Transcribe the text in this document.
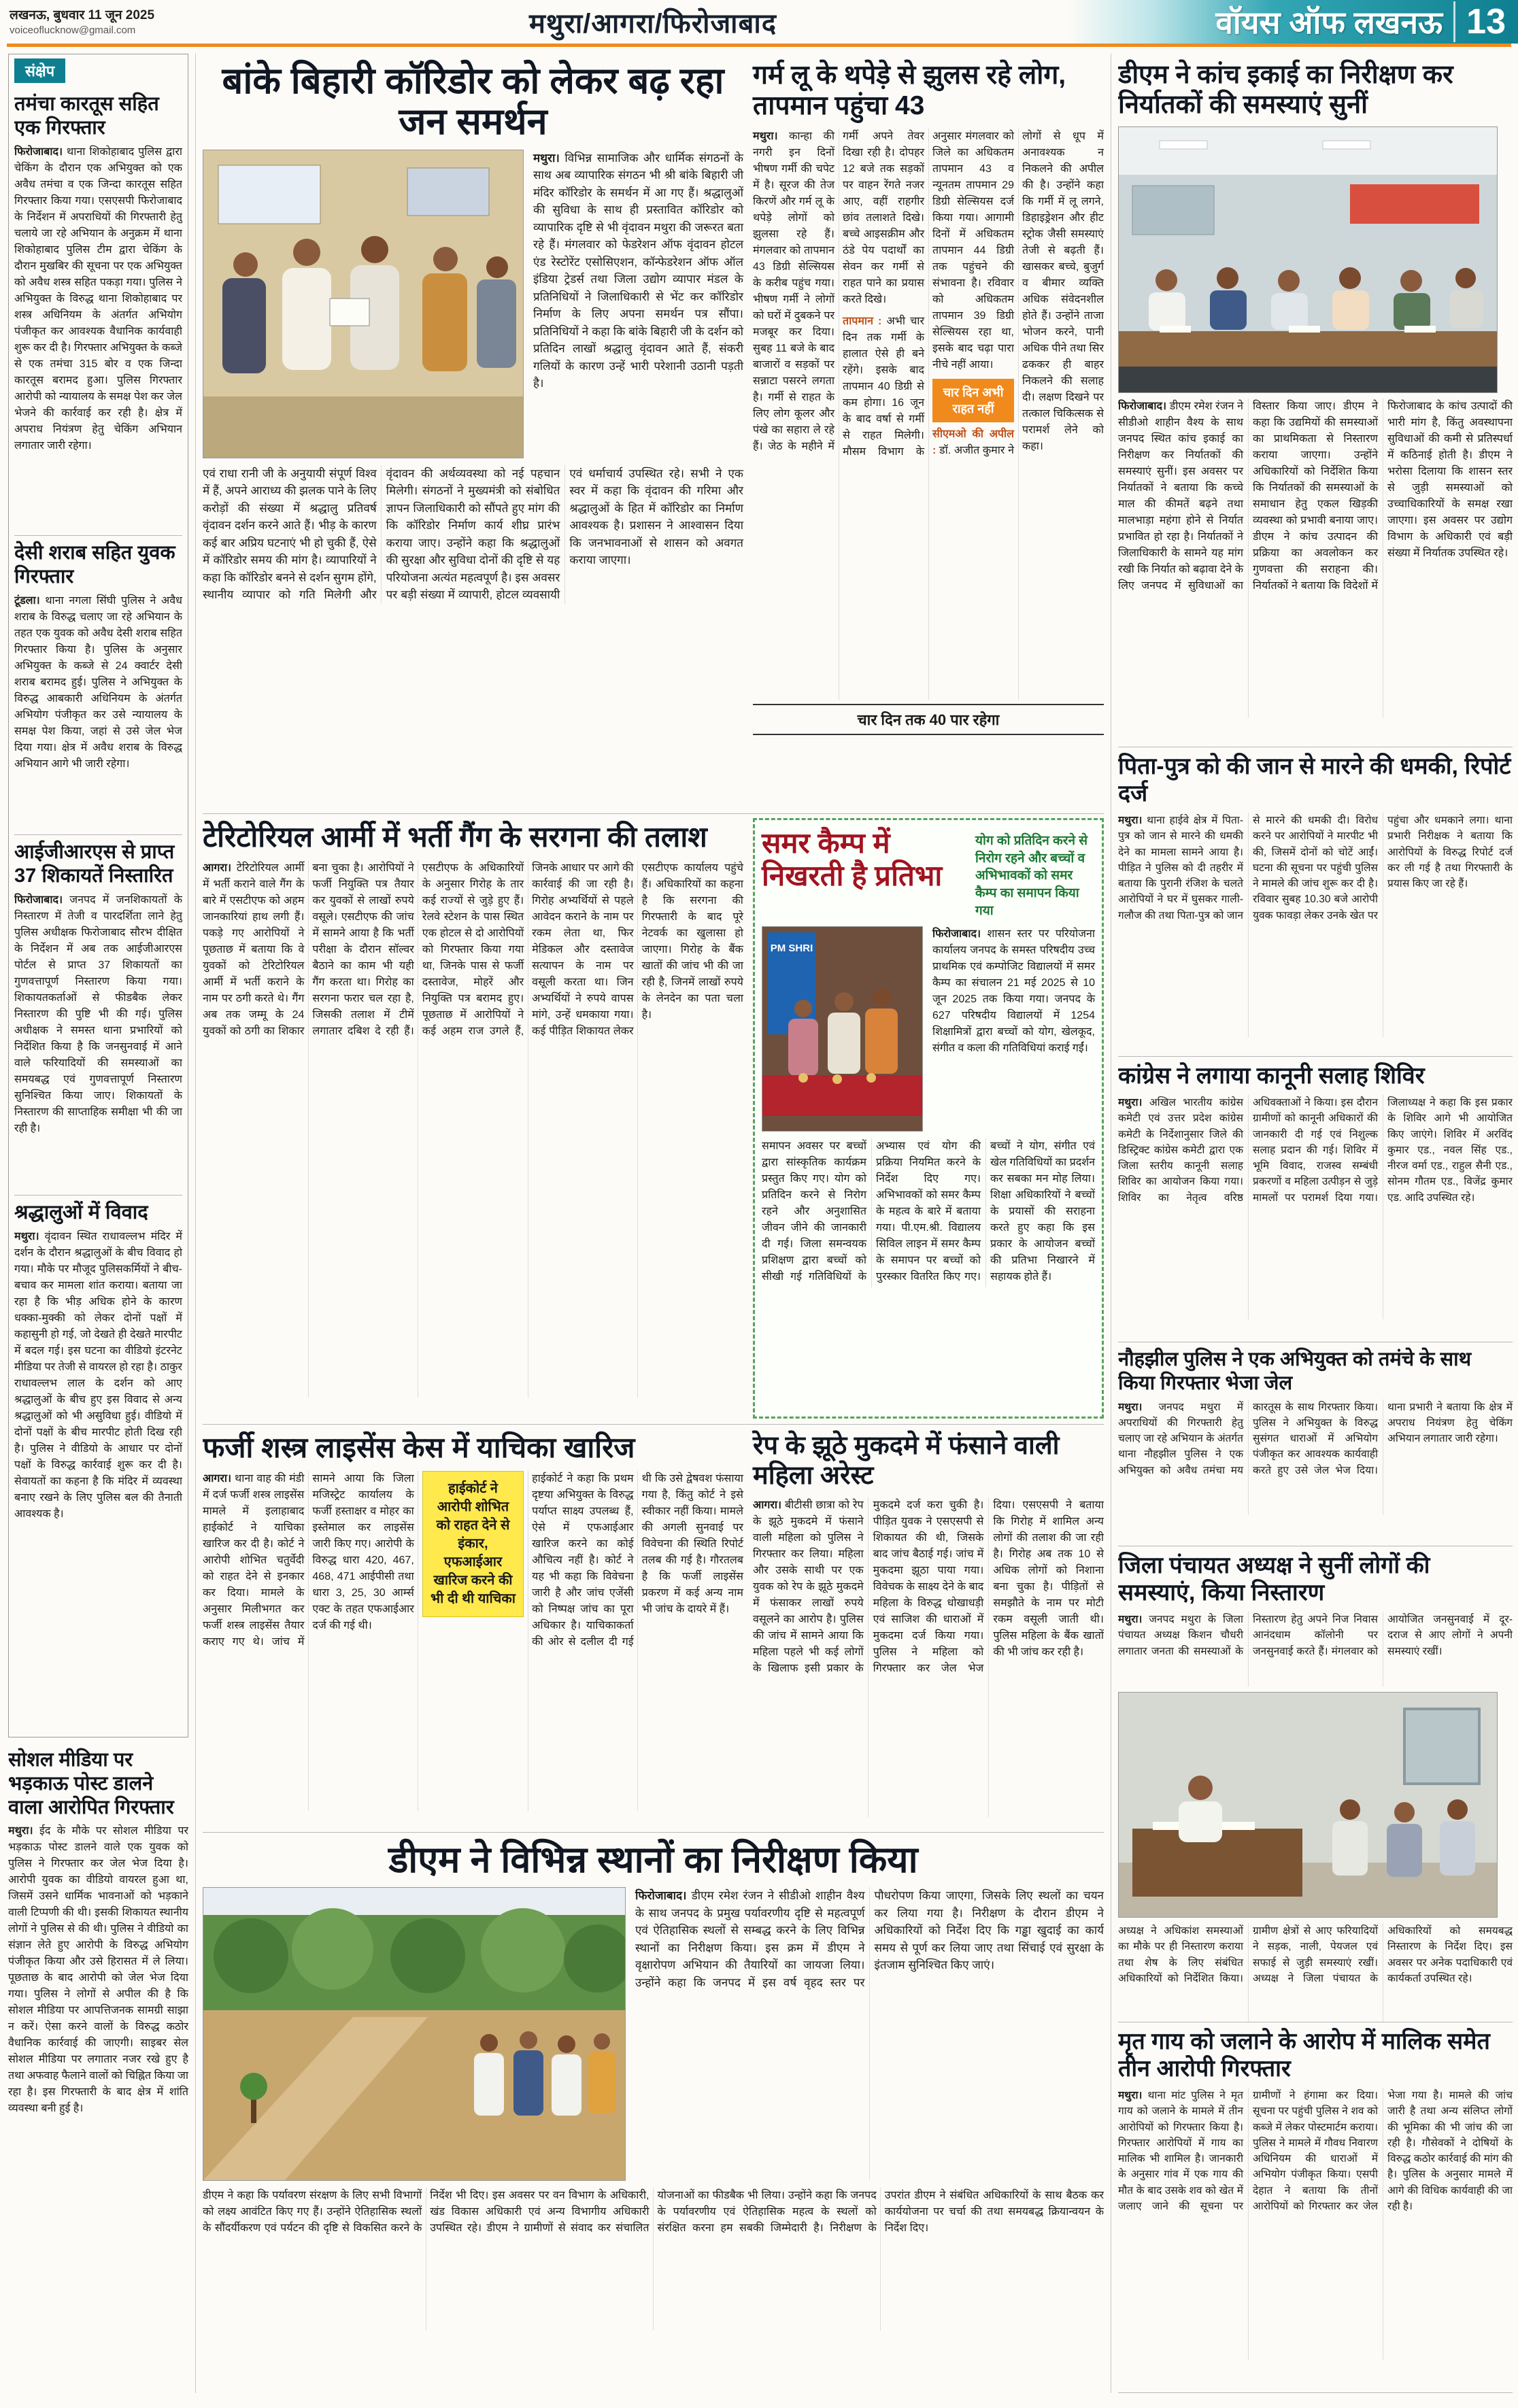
लखनऊ, बुधवार 11 जून 2025
voiceoflucknow@gmail.com	मथुरा/आगरा/फिरोजाबाद	वॉयस ऑफ लखनऊ 13
संक्षेप
तमंचा कारतूस सहित एक गिरफ्तार

फिरोजाबाद। थाना शिकोहाबाद पुलिस द्वारा चेकिंग के दौरान एक अभियुक्त को एक अवैध तमंचा व एक जिन्दा कारतूस सहित गिरफ्तार किया गया। एसएसपी फिरोजाबाद के निर्देशन में अपराधियों की गिरफ्तारी हेतु चलाये जा रहे अभियान के अनुक्रम में थाना शिकोहाबाद पुलिस टीम द्वारा चेकिंग के दौरान मुखबिर की सूचना पर एक अभियुक्त को अवैध शस्त्र सहित पकड़ा गया। पुलिस ने अभियुक्त के विरुद्ध थाना शिकोहाबाद पर शस्त्र अधिनियम के अंतर्गत अभियोग पंजीकृत कर आवश्यक वैधानिक कार्यवाही शुरू कर दी है। गिरफ्तार अभियुक्त के कब्जे से एक तमंचा 315 बोर व एक जिन्दा कारतूस बरामद हुआ। पुलिस गिरफ्तार आरोपी को न्यायालय के समक्ष पेश कर जेल भेजने की कार्रवाई कर रही है। क्षेत्र में अपराध नियंत्रण हेतु चेकिंग अभियान लगातार जारी रहेगा।

देसी शराब सहित युवक गिरफ्तार

टूंडला। थाना नगला सिंघी पुलिस ने अवैध शराब के विरुद्ध चलाए जा रहे अभियान के तहत एक युवक को अवैध देसी शराब सहित गिरफ्तार किया है। पुलिस के अनुसार अभियुक्त के कब्जे से 24 क्वार्टर देसी शराब बरामद हुई। पुलिस ने अभियुक्त के विरुद्ध आबकारी अधिनियम के अंतर्गत अभियोग पंजीकृत कर उसे न्यायालय के समक्ष पेश किया, जहां से उसे जेल भेज दिया गया। क्षेत्र में अवैध शराब के विरुद्ध अभियान आगे भी जारी रहेगा।

आईजीआरएस से प्राप्त 37 शिकायतें निस्तारित

फिरोजाबाद। जनपद में जनशिकायतों के निस्तारण में तेजी व पारदर्शिता लाने हेतु पुलिस अधीक्षक फिरोजाबाद सौरभ दीक्षित के निर्देशन में अब तक आईजीआरएस पोर्टल से प्राप्त 37 शिकायतों का गुणवत्तापूर्ण निस्तारण किया गया। शिकायतकर्ताओं से फीडबैक लेकर निस्तारण की पुष्टि भी की गई। पुलिस अधीक्षक ने समस्त थाना प्रभारियों को निर्देशित किया है कि जनसुनवाई में आने वाले फरियादियों की समस्याओं का समयबद्ध एवं गुणवत्तापूर्ण निस्तारण सुनिश्चित किया जाए। शिकायतों के निस्तारण की साप्ताहिक समीक्षा भी की जा रही है।

श्रद्धालुओं में विवाद

मथुरा। वृंदावन स्थित राधावल्लभ मंदिर में दर्शन के दौरान श्रद्धालुओं के बीच विवाद हो गया। मौके पर मौजूद पुलिसकर्मियों ने बीच-बचाव कर मामला शांत कराया। बताया जा रहा है कि भीड़ अधिक होने के कारण धक्का-मुक्की को लेकर दोनों पक्षों में कहासुनी हो गई, जो देखते ही देखते मारपीट में बदल गई। इस घटना का वीडियो इंटरनेट मीडिया पर तेजी से वायरल हो रहा है। ठाकुर राधावल्लभ लाल के दर्शन को आए श्रद्धालुओं के बीच हुए इस विवाद से अन्य श्रद्धालुओं को भी असुविधा हुई। वीडियो में दोनों पक्षों के बीच मारपीट होती दिख रही है। पुलिस ने वीडियो के आधार पर दोनों पक्षों के विरुद्ध कार्रवाई शुरू कर दी है। सेवायतों का कहना है कि मंदिर में व्यवस्था बनाए रखने के लिए पुलिस बल की तैनाती आवश्यक है।

सोशल मीडिया पर भड़काऊ पोस्ट डालने वाला आरोपित गिरफ्तार

मथुरा। ईद के मौके पर सोशल मीडिया पर भड़काऊ पोस्ट डालने वाले एक युवक को पुलिस ने गिरफ्तार कर जेल भेज दिया है। आरोपी युवक का वीडियो वायरल हुआ था, जिसमें उसने धार्मिक भावनाओं को भड़काने वाली टिप्पणी की थी। इसकी शिकायत स्थानीय लोगों ने पुलिस से की थी। पुलिस ने वीडियो का संज्ञान लेते हुए आरोपी के विरुद्ध अभियोग पंजीकृत किया और उसे हिरासत में ले लिया। पूछताछ के बाद आरोपी को जेल भेज दिया गया। पुलिस ने लोगों से अपील की है कि सोशल मीडिया पर आपत्तिजनक सामग्री साझा न करें। ऐसा करने वालों के विरुद्ध कठोर वैधानिक कार्रवाई की जाएगी। साइबर सेल सोशल मीडिया पर लगातार नजर रखे हुए है तथा अफवाह फैलाने वालों को चिह्नित किया जा रहा है। इस गिरफ्तारी के बाद क्षेत्र में शांति व्यवस्था बनी हुई है।

बांके बिहारी कॉरिडोर को लेकर बढ़ रहा जन समर्थन

मथुरा। विभिन्न सामाजिक और धार्मिक संगठनों के साथ अब व्यापारिक संगठन भी श्री बांके बिहारी जी मंदिर कॉरिडोर के समर्थन में आ गए हैं। श्रद्धालुओं की सुविधा के साथ ही प्रस्तावित कॉरिडोर को व्यापारिक दृष्टि से भी वृंदावन मथुरा की जरूरत बता रहे हैं। मंगलवार को फेडरेशन ऑफ वृंदावन होटल एंड रेस्टोरेंट एसोसिएशन, कॉन्फेडरेशन ऑफ ऑल इंडिया ट्रेडर्स तथा जिला उद्योग व्यापार मंडल के प्रतिनिधियों ने जिलाधिकारी से भेंट कर कॉरिडोर निर्माण के लिए अपना समर्थन पत्र सौंपा। प्रतिनिधियों ने कहा कि बांके बिहारी जी के दर्शन को प्रतिदिन लाखों श्रद्धालु वृंदावन आते हैं, संकरी गलियों के कारण उन्हें भारी परेशानी उठानी पड़ती है।

एवं राधा रानी जी के अनुयायी संपूर्ण विश्व में हैं, अपने आराध्य की झलक पाने के लिए करोड़ों की संख्या में श्रद्धालु प्रतिवर्ष वृंदावन दर्शन करने आते हैं। भीड़ के कारण कई बार अप्रिय घटनाएं भी हो चुकी हैं, ऐसे में कॉरिडोर समय की मांग है। व्यापारियों ने कहा कि कॉरिडोर बनने से दर्शन सुगम होंगे, स्थानीय व्यापार को गति मिलेगी और वृंदावन की अर्थव्यवस्था को नई पहचान मिलेगी। संगठनों ने मुख्यमंत्री को संबोधित ज्ञापन जिलाधिकारी को सौंपते हुए मांग की कि कॉरिडोर निर्माण कार्य शीघ्र प्रारंभ कराया जाए। उन्होंने कहा कि श्रद्धालुओं की सुरक्षा और सुविधा दोनों की दृष्टि से यह परियोजना अत्यंत महत्वपूर्ण है। इस अवसर पर बड़ी संख्या में व्यापारी, होटल व्यवसायी एवं धर्माचार्य उपस्थित रहे। सभी ने एक स्वर में कहा कि वृंदावन की गरिमा और श्रद्धालुओं के हित में कॉरिडोर का निर्माण आवश्यक है। प्रशासन ने आश्वासन दिया कि जनभावनाओं से शासन को अवगत कराया जाएगा।

गर्म लू के थपेड़े से झुलस रहे लोग, तापमान पहुंचा 43

मथुरा। कान्हा की नगरी इन दिनों भीषण गर्मी की चपेट में है। सूरज की तेज किरणें और गर्म लू के थपेड़े लोगों को झुलसा रहे हैं। मंगलवार को तापमान 43 डिग्री सेल्सियस के करीब पहुंच गया। भीषण गर्मी ने लोगों को घरों में दुबकने पर मजबूर कर दिया। सुबह 11 बजे के बाद बाजारों व सड़कों पर सन्नाटा पसरने लगता है। गर्मी से राहत के लिए लोग कूलर और पंखे का सहारा ले रहे हैं। जेठ के महीने में गर्मी अपने तेवर दिखा रही है। दोपहर 12 बजे तक सड़कों पर वाहन रेंगते नजर आए, वहीं राहगीर छांव तलाशते दिखे। बच्चे आइसक्रीम और ठंडे पेय पदार्थों का सेवन कर गर्मी से राहत पाने का प्रयास करते दिखे।

तापमान : अभी चार दिन तक गर्मी के हालात ऐसे ही बने रहेंगे। इसके बाद तापमान 40 डिग्री से कम होगा। 16 जून के बाद वर्षा से गर्मी से राहत मिलेगी। मौसम विभाग के अनुसार मंगलवार को जिले का अधिकतम तापमान 43 व न्यूनतम तापमान 29 डिग्री सेल्सियस दर्ज किया गया। आगामी दिनों में अधिकतम तापमान 44 डिग्री तक पहुंचने की संभावना है। रविवार को अधिकतम तापमान 39 डिग्री सेल्सियस रहा था, इसके बाद चढ़ा पारा नीचे नहीं आया।

चार दिन अभी राहत नहीं

सीएमओ की अपील : डॉ. अजीत कुमार ने लोगों से धूप में अनावश्यक न निकलने की अपील की है। उन्होंने कहा कि गर्मी में लू लगने, डिहाइड्रेशन और हीट स्ट्रोक जैसी समस्याएं तेजी से बढ़ती हैं। खासकर बच्चे, बुजुर्ग व बीमार व्यक्ति अधिक संवेदनशील होते हैं। उन्होंने ताजा भोजन करने, पानी अधिक पीने तथा सिर ढककर ही बाहर निकलने की सलाह दी। लक्षण दिखने पर तत्काल चिकित्सक से परामर्श लेने को कहा।

चार दिन तक 40 पार रहेगा
टेरिटोरियल आर्मी में भर्ती गैंग के सरगना की तलाश

आगरा। टेरिटोरियल आर्मी में भर्ती कराने वाले गैंग के बारे में एसटीएफ को अहम जानकारियां हाथ लगी हैं। पकड़े गए आरोपियों ने पूछताछ में बताया कि वे युवकों को टेरिटोरियल आर्मी में भर्ती कराने के नाम पर ठगी करते थे। गैंग अब तक जम्मू के 24 युवकों को ठगी का शिकार बना चुका है। आरोपियों ने फर्जी नियुक्ति पत्र तैयार कर युवकों से लाखों रुपये वसूले। एसटीएफ की जांच में सामने आया है कि भर्ती परीक्षा के दौरान सॉल्वर बैठाने का काम भी यही गैंग करता था। गिरोह का सरगना फरार चल रहा है, जिसकी तलाश में टीमें लगातार दबिश दे रही हैं। एसटीएफ के अधिकारियों के अनुसार गिरोह के तार कई राज्यों से जुड़े हुए हैं। रेलवे स्टेशन के पास स्थित एक होटल से दो आरोपियों को गिरफ्तार किया गया था, जिनके पास से फर्जी दस्तावेज, मोहरें और नियुक्ति पत्र बरामद हुए। पूछताछ में आरोपियों ने कई अहम राज उगले हैं, जिनके आधार पर आगे की कार्रवाई की जा रही है। गिरोह अभ्यर्थियों से पहले आवेदन कराने के नाम पर रकम लेता था, फिर मेडिकल और दस्तावेज सत्यापन के नाम पर वसूली करता था। जिन अभ्यर्थियों ने रुपये वापस मांगे, उन्हें धमकाया गया। कई पीड़ित शिकायत लेकर एसटीएफ कार्यालय पहुंचे हैं। अधिकारियों का कहना है कि सरगना की गिरफ्तारी के बाद पूरे नेटवर्क का खुलासा हो जाएगा। गिरोह के बैंक खातों की जांच भी की जा रही है, जिनमें लाखों रुपये के लेनदेन का पता चला है।

समर कैम्प में निखरती है प्रतिभा
योग को प्रतिदिन करने से निरोग रहने और बच्चों व अभिभावकों को समर कैम्प का समापन किया गया
PM SHRI

फिरोजाबाद। शासन स्तर पर परियोजना कार्यालय जनपद के समस्त परिषदीय उच्च प्राथमिक एवं कम्पोजिट विद्यालयों में समर कैम्प का संचालन 21 मई 2025 से 10 जून 2025 तक किया गया। जनपद के 627 परिषदीय विद्यालयों में 1254 शिक्षामित्रों द्वारा बच्चों को योग, खेलकूद, संगीत व कला की गतिविधियां कराई गईं।

समापन अवसर पर बच्चों द्वारा सांस्कृतिक कार्यक्रम प्रस्तुत किए गए। योग को प्रतिदिन करने से निरोग रहने और अनुशासित जीवन जीने की जानकारी दी गई। जिला समन्वयक प्रशिक्षण द्वारा बच्चों को सीखी गई गतिविधियों के अभ्यास एवं योग की प्रक्रिया नियमित करने के निर्देश दिए गए। अभिभावकों को समर कैम्प के महत्व के बारे में बताया गया। पी.एम.श्री. विद्यालय सिविल लाइन में समर कैम्प के समापन पर बच्चों को पुरस्कार वितरित किए गए। बच्चों ने योग, संगीत एवं खेल गतिविधियों का प्रदर्शन कर सबका मन मोह लिया। शिक्षा अधिकारियों ने बच्चों के प्रयासों की सराहना करते हुए कहा कि इस प्रकार के आयोजन बच्चों की प्रतिभा निखारने में सहायक होते हैं।

फर्जी शस्त्र लाइसेंस केस में याचिका खारिज

आगरा। थाना वाह की मंडी में दर्ज फर्जी शस्त्र लाइसेंस मामले में इलाहाबाद हाईकोर्ट ने याचिका खारिज कर दी है। कोर्ट ने आरोपी शोभित चतुर्वेदी को राहत देने से इनकार कर दिया। मामले के अनुसार मिलीभगत कर फर्जी शस्त्र लाइसेंस तैयार कराए गए थे। जांच में सामने आया कि जिला मजिस्ट्रेट कार्यालय के फर्जी हस्ताक्षर व मोहर का इस्तेमाल कर लाइसेंस जारी किए गए। आरोपी के विरुद्ध धारा 420, 467, 468, 471 आईपीसी तथा धारा 3, 25, 30 आर्म्स एक्ट के तहत एफआईआर दर्ज की गई थी।

हाईकोर्ट ने आरोपी शोभित को राहत देने से इंकार, एफआईआर खारिज करने की भी दी थी याचिका

हाईकोर्ट ने कहा कि प्रथम दृष्टया अभियुक्त के विरुद्ध पर्याप्त साक्ष्य उपलब्ध हैं, ऐसे में एफआईआर खारिज करने का कोई औचित्य नहीं है। कोर्ट ने यह भी कहा कि विवेचना जारी है और जांच एजेंसी को निष्पक्ष जांच का पूरा अधिकार है। याचिकाकर्ता की ओर से दलील दी गई थी कि उसे द्वेषवश फंसाया गया है, किंतु कोर्ट ने इसे स्वीकार नहीं किया। मामले की अगली सुनवाई पर विवेचना की स्थिति रिपोर्ट तलब की गई है। गौरतलब है कि फर्जी लाइसेंस प्रकरण में कई अन्य नाम भी जांच के दायरे में हैं।

रेप के झूठे मुकदमे में फंसाने वाली महिला अरेस्ट

आगरा। बीटीसी छात्रा को रेप के झूठे मुकदमे में फंसाने वाली महिला को पुलिस ने गिरफ्तार कर लिया। महिला और उसके साथी पर एक युवक को रेप के झूठे मुकदमे में फंसाकर लाखों रुपये वसूलने का आरोप है। पुलिस की जांच में सामने आया कि महिला पहले भी कई लोगों के खिलाफ इसी प्रकार के मुकदमे दर्ज करा चुकी है। पीड़ित युवक ने एसएसपी से शिकायत की थी, जिसके बाद जांच बैठाई गई। जांच में मुकदमा झूठा पाया गया। विवेचक के साक्ष्य देने के बाद महिला के विरुद्ध धोखाधड़ी एवं साजिश की धाराओं में मुकदमा दर्ज किया गया। पुलिस ने महिला को गिरफ्तार कर जेल भेज दिया। एसएसपी ने बताया कि गिरोह में शामिल अन्य लोगों की तलाश की जा रही है। गिरोह अब तक 10 से अधिक लोगों को निशाना बना चुका है। पीड़ितों से समझौते के नाम पर मोटी रकम वसूली जाती थी। पुलिस महिला के बैंक खातों की भी जांच कर रही है।

डीएम ने विभिन्न स्थानों का निरीक्षण किया

फिरोजाबाद। डीएम रमेश रंजन ने सीडीओ शाहीन वैश्य के साथ जनपद के प्रमुख पर्यावरणीय दृष्टि से महत्वपूर्ण एवं ऐतिहासिक स्थलों से सम्बद्ध करने के लिए विभिन्न स्थानों का निरीक्षण किया। इस क्रम में डीएम ने वृक्षारोपण अभियान की तैयारियों का जायजा लिया। उन्होंने कहा कि जनपद में इस वर्ष वृहद स्तर पर पौधरोपण किया जाएगा, जिसके लिए स्थलों का चयन कर लिया गया है। निरीक्षण के दौरान डीएम ने अधिकारियों को निर्देश दिए कि गड्ढा खुदाई का कार्य समय से पूर्ण कर लिया जाए तथा सिंचाई एवं सुरक्षा के इंतजाम सुनिश्चित किए जाएं।

डीएम ने कहा कि पर्यावरण संरक्षण के लिए सभी विभागों को लक्ष्य आवंटित किए गए हैं। उन्होंने ऐतिहासिक स्थलों के सौंदर्यीकरण एवं पर्यटन की दृष्टि से विकसित करने के निर्देश भी दिए। इस अवसर पर वन विभाग के अधिकारी, खंड विकास अधिकारी एवं अन्य विभागीय अधिकारी उपस्थित रहे। डीएम ने ग्रामीणों से संवाद कर संचालित योजनाओं का फीडबैक भी लिया। उन्होंने कहा कि जनपद के पर्यावरणीय एवं ऐतिहासिक महत्व के स्थलों को संरक्षित करना हम सबकी जिम्मेदारी है। निरीक्षण के उपरांत डीएम ने संबंधित अधिकारियों के साथ बैठक कर कार्ययोजना पर चर्चा की तथा समयबद्ध क्रियान्वयन के निर्देश दिए।

डीएम ने कांच इकाई का निरीक्षण कर निर्यातकों की समस्याएं सुनीं

फिरोजाबाद। डीएम रमेश रंजन ने सीडीओ शाहीन वैश्य के साथ जनपद स्थित कांच इकाई का निरीक्षण कर निर्यातकों की समस्याएं सुनीं। इस अवसर पर निर्यातकों ने बताया कि कच्चे माल की कीमतें बढ़ने तथा मालभाड़ा महंगा होने से निर्यात प्रभावित हो रहा है। निर्यातकों ने जिलाधिकारी के सामने यह मांग रखी कि निर्यात को बढ़ावा देने के लिए जनपद में सुविधाओं का विस्तार किया जाए। डीएम ने कहा कि उद्यमियों की समस्याओं का प्राथमिकता से निस्तारण कराया जाएगा। उन्होंने अधिकारियों को निर्देशित किया कि निर्यातकों की समस्याओं के समाधान हेतु एकल खिड़की व्यवस्था को प्रभावी बनाया जाए। डीएम ने कांच उत्पादन की प्रक्रिया का अवलोकन कर गुणवत्ता की सराहना की। निर्यातकों ने बताया कि विदेशों में फिरोजाबाद के कांच उत्पादों की भारी मांग है, किंतु अवस्थापना सुविधाओं की कमी से प्रतिस्पर्धा में कठिनाई होती है। डीएम ने भरोसा दिलाया कि शासन स्तर से जुड़ी समस्याओं को उच्चाधिकारियों के समक्ष रखा जाएगा। इस अवसर पर उद्योग विभाग के अधिकारी एवं बड़ी संख्या में निर्यातक उपस्थित रहे।

पिता-पुत्र को की जान से मारने की धमकी, रिपोर्ट दर्ज

मथुरा। थाना हाईवे क्षेत्र में पिता-पुत्र को जान से मारने की धमकी देने का मामला सामने आया है। पीड़ित ने पुलिस को दी तहरीर में बताया कि पुरानी रंजिश के चलते आरोपियों ने घर में घुसकर गाली-गलौज की तथा पिता-पुत्र को जान से मारने की धमकी दी। विरोध करने पर आरोपियों ने मारपीट भी की, जिसमें दोनों को चोटें आईं। घटना की सूचना पर पहुंची पुलिस ने मामले की जांच शुरू कर दी है। रविवार सुबह 10.30 बजे आरोपी युवक फावड़ा लेकर उनके खेत पर पहुंचा और धमकाने लगा। थाना प्रभारी निरीक्षक ने बताया कि आरोपियों के विरुद्ध रिपोर्ट दर्ज कर ली गई है तथा गिरफ्तारी के प्रयास किए जा रहे हैं।

कांग्रेस ने लगाया कानूनी सलाह शिविर

मथुरा। अखिल भारतीय कांग्रेस कमेटी एवं उत्तर प्रदेश कांग्रेस कमेटी के निर्देशानुसार जिले की डिस्ट्रिक्ट कांग्रेस कमेटी द्वारा एक जिला स्तरीय कानूनी सलाह शिविर का आयोजन किया गया। शिविर का नेतृत्व वरिष्ठ अधिवक्ताओं ने किया। इस दौरान ग्रामीणों को कानूनी अधिकारों की जानकारी दी गई एवं निशुल्क सलाह प्रदान की गई। शिविर में भूमि विवाद, राजस्व सम्बंधी प्रकरणों व महिला उत्पीड़न से जुड़े मामलों पर परामर्श दिया गया। जिलाध्यक्ष ने कहा कि इस प्रकार के शिविर आगे भी आयोजित किए जाएंगे। शिविर में अरविंद कुमार एड., नवल सिंह एड., नीरज वर्मा एड., राहुल सैनी एड., सोनम गौतम एड., विजेंद्र कुमार एड. आदि उपस्थित रहे।

नौहझील पुलिस ने एक अभियुक्त को तमंचे के साथ किया गिरफ्तार भेजा जेल

मथुरा। जनपद मथुरा में अपराधियों की गिरफ्तारी हेतु चलाए जा रहे अभियान के अंतर्गत थाना नौहझील पुलिस ने एक अभियुक्त को अवैध तमंचा मय कारतूस के साथ गिरफ्तार किया। पुलिस ने अभियुक्त के विरुद्ध सुसंगत धाराओं में अभियोग पंजीकृत कर आवश्यक कार्यवाही करते हुए उसे जेल भेज दिया। थाना प्रभारी ने बताया कि क्षेत्र में अपराध नियंत्रण हेतु चेकिंग अभियान लगातार जारी रहेगा।

जिला पंचायत अध्यक्ष ने सुनीं लोगों की समस्याएं, किया निस्तारण

मथुरा। जनपद मथुरा के जिला पंचायत अध्यक्ष किशन चौधरी लगातार जनता की समस्याओं के निस्तारण हेतु अपने निज निवास आनंदधाम कॉलोनी पर जनसुनवाई करते हैं। मंगलवार को आयोजित जनसुनवाई में दूर-दराज से आए लोगों ने अपनी समस्याएं रखीं।

अध्यक्ष ने अधिकांश समस्याओं का मौके पर ही निस्तारण कराया तथा शेष के लिए संबंधित अधिकारियों को निर्देशित किया। ग्रामीण क्षेत्रों से आए फरियादियों ने सड़क, नाली, पेयजल एवं सफाई से जुड़ी समस्याएं रखीं। अध्यक्ष ने जिला पंचायत के अधिकारियों को समयबद्ध निस्तारण के निर्देश दिए। इस अवसर पर अनेक पदाधिकारी एवं कार्यकर्ता उपस्थित रहे।

मृत गाय को जलाने के आरोप में मालिक समेत तीन आरोपी गिरफ्तार

मथुरा। थाना मांट पुलिस ने मृत गाय को जलाने के मामले में तीन आरोपियों को गिरफ्तार किया है। गिरफ्तार आरोपियों में गाय का मालिक भी शामिल है। जानकारी के अनुसार गांव में एक गाय की मौत के बाद उसके शव को खेत में जलाए जाने की सूचना पर ग्रामीणों ने हंगामा कर दिया। सूचना पर पहुंची पुलिस ने शव को कब्जे में लेकर पोस्टमार्टम कराया। पुलिस ने मामले में गौवध निवारण अधिनियम की धाराओं में अभियोग पंजीकृत किया। एसपी देहात ने बताया कि तीनों आरोपियों को गिरफ्तार कर जेल भेजा गया है। मामले की जांच जारी है तथा अन्य संलिप्त लोगों की भूमिका की भी जांच की जा रही है। गौसेवकों ने दोषियों के विरुद्ध कठोर कार्रवाई की मांग की है। पुलिस के अनुसार मामले में आगे की विधिक कार्यवाही की जा रही है।
